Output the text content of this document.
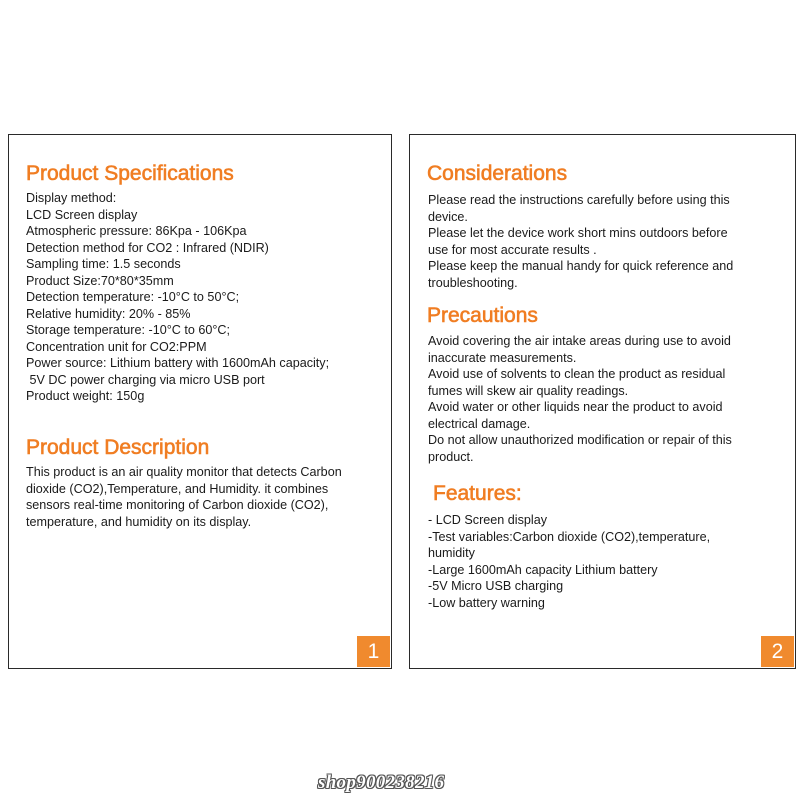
Product Specifications
Display method:
LCD Screen display
Atmospheric pressure: 86Kpa - 106Kpa
Detection method for CO2 : Infrared (NDIR)
Sampling time: 1.5 seconds
Product Size:70*80*35mm
Detection temperature: -10°C to 50°C;
Relative humidity: 20% - 85%
Storage temperature: -10°C to 60°C;
Concentration unit for CO2:PPM
Power source: Lithium battery with 1600mAh capacity;
5V DC power charging via micro USB port
Product weight: 150g
Product Description
This product is an air quality monitor that detects Carbon
dioxide (CO2),Temperature, and Humidity. it combines
sensors real-time monitoring of Carbon dioxide (CO2),
temperature, and humidity on its display.
1
Considerations
Please read the instructions carefully before using this
device.
Please let the device work short mins outdoors before
use for most accurate results .
Please keep the manual handy for quick reference and
troubleshooting.
Precautions
Avoid covering the air intake areas during use to avoid
inaccurate measurements.
Avoid use of solvents to clean the product as residual
fumes will skew air quality readings.
Avoid water or other liquids near the product to avoid
electrical damage.
Do not allow unauthorized modification or repair of this
product.
Features:
- LCD Screen display
-Test variables:Carbon dioxide (CO2),temperature,
humidity
-Large 1600mAh capacity Lithium battery
-5V Micro USB charging
-Low battery warning
2
shop900238216
